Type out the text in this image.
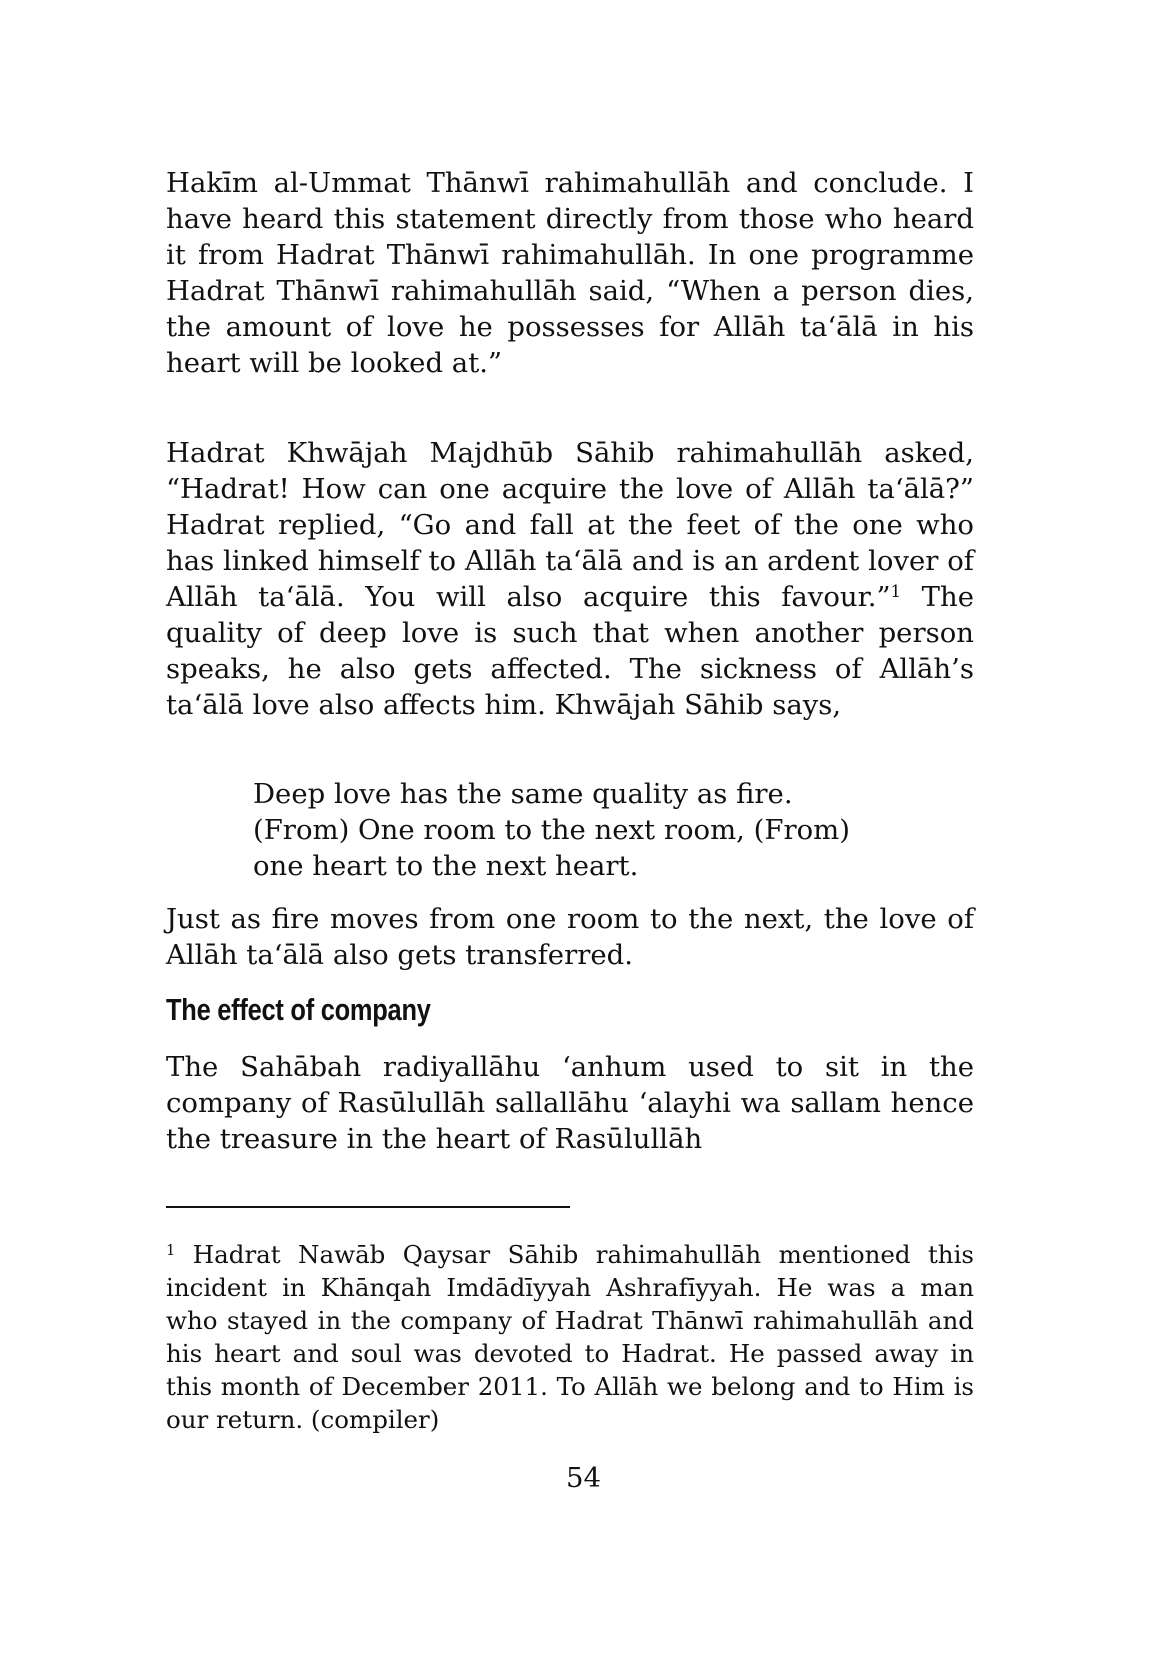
Hakīm al-Ummat Thānwī rahimahullāh and conclude. I have heard this statement directly from those who heard it from Hadrat Thānwī rahimahullāh. In one programme Hadrat Thānwī rahimahullāh said, “When a person dies, the amount of love he possesses for Allāh ta‘ālā in his heart will be looked at.”

Hadrat Khwājah Majdhūb Sāhib rahimahullāh asked, “Hadrat! How can one acquire the love of Allāh ta‘ālā?” Hadrat replied, “Go and fall at the feet of the one who has linked himself to Allāh ta‘ālā and is an ardent lover of Allāh ta‘ālā. You will also acquire this favour.”$^1$ The quality of deep love is such that when another person speaks, he also gets affected. The sickness of Allāh’s ta‘ālā love also affects him. Khwājah Sāhib says,

Deep love has the same quality as fire.
(From) One room to the next room, (From)
one heart to the next heart.

Just as fire moves from one room to the next, the love of Allāh ta‘ālā also gets transferred.

The effect of company

The Sahābah radiyallāhu ‘anhum used to sit in the company of Rasūlullāh sallallāhu ‘alayhi wa sallam hence the treasure in the heart of Rasūlullāh

$^1$ Hadrat Nawāb Qaysar Sāhib rahimahullāh mentioned this incident in Khānqah Imdādīyyah Ashrafīyyah. He was a man who stayed in the company of Hadrat Thānwī rahimahullāh and his heart and soul was devoted to Hadrat. He passed away in this month of December 2011. To Allāh we belong and to Him is our return. (compiler)

54
